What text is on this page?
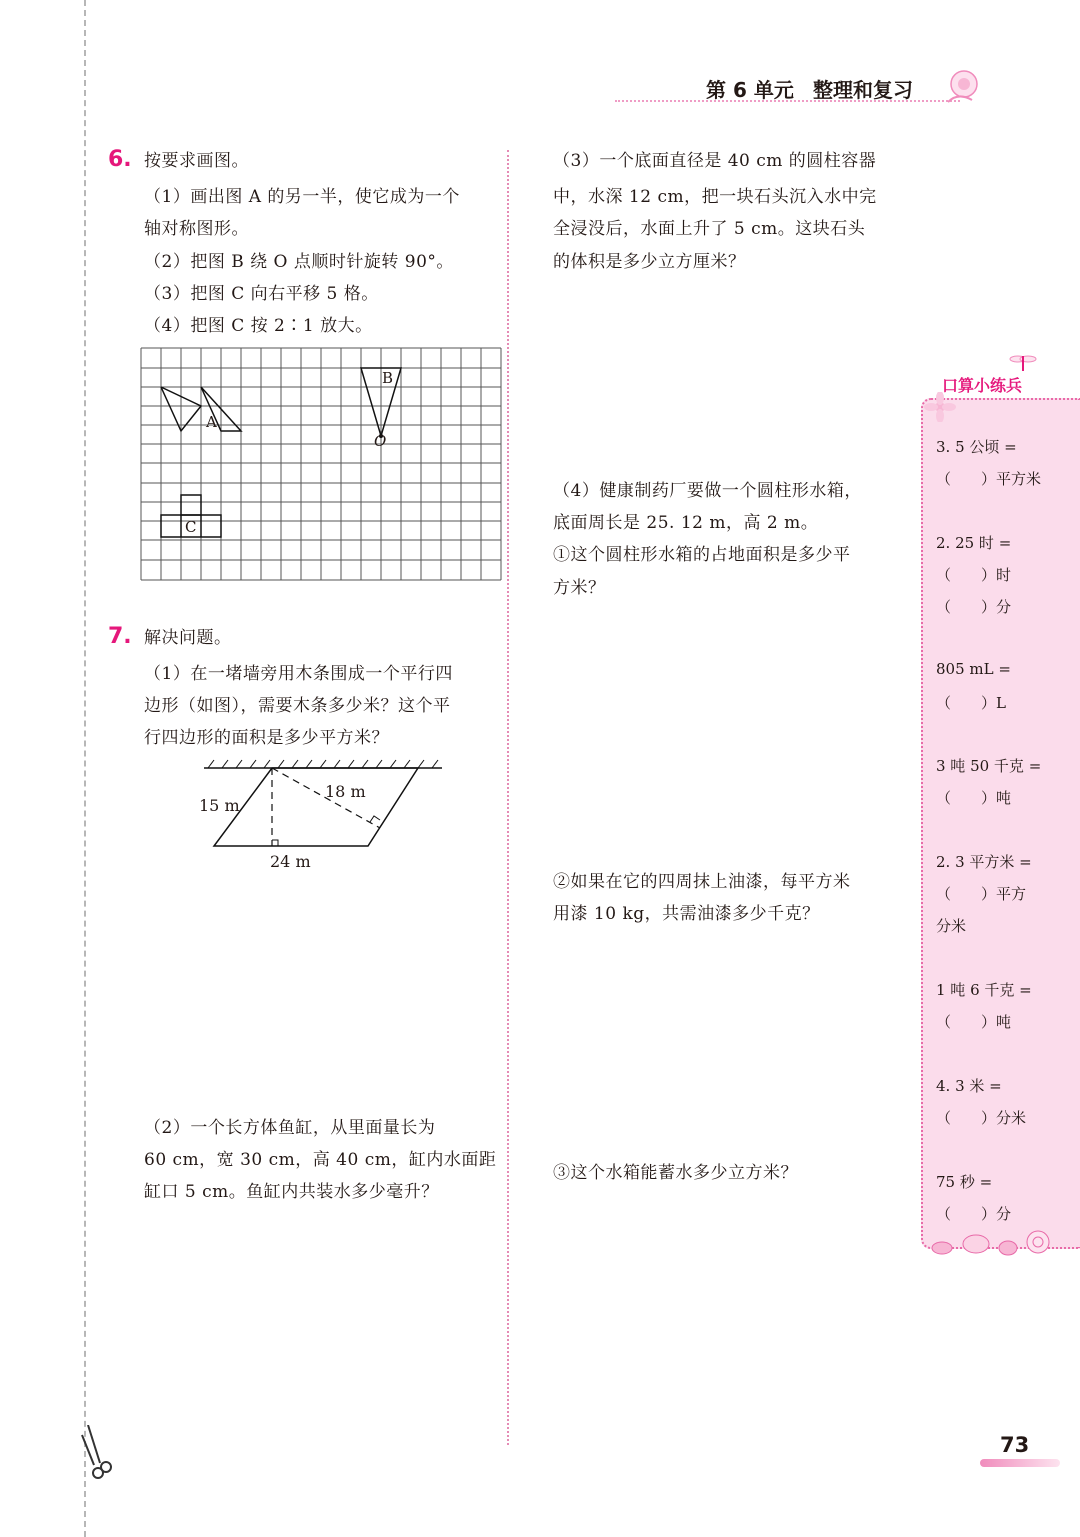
第 6 单元 整理和复习
6. 按要求画图。
（1）画出图 A 的另一半，使它成为一个
轴对称图形。
（2）把图 B 绕 O 点顺时针旋转 90°。
（3）把图 C 向右平移 5 格。
（4）把图 C 按 2∶1 放大。
A
B
O
C
7. 解决问题。
（1）在一堵墙旁用木条围成一个平行四
边形（如图），需要木条多少米？这个平
行四边形的面积是多少平方米？
15 m
18 m
24 m
（2）一个长方体鱼缸，从里面量长为
60 cm，宽 30 cm，高 40 cm，缸内水面距
缸口 5 cm。鱼缸内共装水多少毫升？
（3）一个底面直径是 40 cm 的圆柱容器
中，水深 12 cm，把一块石头沉入水中完
全浸没后，水面上升了 5 cm。这块石头
的体积是多少立方厘米？
（4）健康制药厂要做一个圆柱形水箱，
底面周长是 25. 12 m，高 2 m。
①这个圆柱形水箱的占地面积是多少平
方米？
②如果在它的四周抹上油漆，每平方米
用漆 10 kg，共需油漆多少千克？
③这个水箱能蓄水多少立方米？
口算小练兵
3. 5 公顷 =
（　　）平方米
2. 25 时 =
（　　）时
（　　）分
805 mL =
（　　）L
3 吨 50 千克 =
（　　）吨
2. 3 平方米 =
（　　）平方
分米
1 吨 6 千克 =
（　　）吨
4. 3 米 =
（　　）分米
75 秒 =
（　　）分
73
